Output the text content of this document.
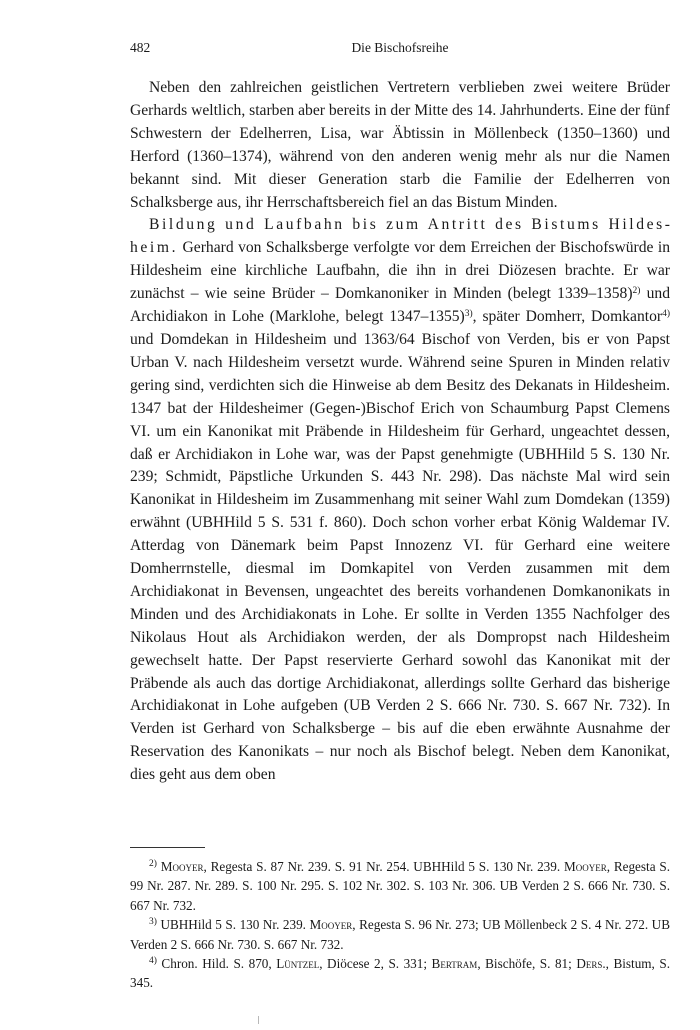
482	Die Bischofsreihe

Neben den zahlreichen geistlichen Vertretern verblieben zwei weitere Brüder Gerhards weltlich, starben aber bereits in der Mitte des 14. Jahrhunderts. Eine der fünf Schwestern der Edelherren, Lisa, war Äbtissin in Möllenbeck (1350–1360) und Herford (1360–1374), während von den anderen wenig mehr als nur die Namen bekannt sind. Mit dieser Generation starb die Familie der Edelherren von Schalksberge aus, ihr Herrschaftsbereich fiel an das Bistum Minden.

Bildung und Laufbahn bis zum Antritt des Bistums Hildesheim. Gerhard von Schalksberge verfolgte vor dem Erreichen der Bischofswürde in Hildesheim eine kirchliche Laufbahn, die ihn in drei Diözesen brachte. Er war zunächst – wie seine Brüder – Domkanoniker in Minden (belegt 1339–1358)$^{2)}$ und Archidiakon in Lohe (Marklohe, belegt 1347–1355)$^{3)}$, später Domherr, Domkantor$^{4)}$ und Domdekan in Hildesheim und 1363/64 Bischof von Verden, bis er von Papst Urban V. nach Hildesheim versetzt wurde. Während seine Spuren in Minden relativ gering sind, verdichten sich die Hinweise ab dem Besitz des Dekanats in Hildesheim. 1347 bat der Hildesheimer (Gegen-)Bischof Erich von Schaumburg Papst Clemens VI. um ein Kanonikat mit Präbende in Hildesheim für Gerhard, ungeachtet dessen, daß er Archidiakon in Lohe war, was der Papst genehmigte (UBHHild 5 S. 130 Nr. 239; Schmidt, Päpstliche Urkunden S. 443 Nr. 298). Das nächste Mal wird sein Kanonikat in Hildesheim im Zusammenhang mit seiner Wahl zum Domdekan (1359) erwähnt (UBHHild 5 S. 531 f. 860). Doch schon vorher erbat König Waldemar IV. Atterdag von Dänemark beim Papst Innozenz VI. für Gerhard eine weitere Domherrnstelle, diesmal im Domkapitel von Verden zusammen mit dem Archidiakonat in Bevensen, ungeachtet des bereits vorhandenen Domkanonikats in Minden und des Archidiakonats in Lohe. Er sollte in Verden 1355 Nachfolger des Nikolaus Hout als Archidiakon werden, der als Dompropst nach Hildesheim gewechselt hatte. Der Papst reservierte Gerhard sowohl das Kanonikat mit der Präbende als auch das dortige Archidiakonat, allerdings sollte Gerhard das bisherige Archidiakonat in Lohe aufgeben (UB Verden 2 S. 666 Nr. 730. S. 667 Nr. 732). In Verden ist Gerhard von Schalksberge – bis auf die eben erwähnte Ausnahme der Reservation des Kanonikats – nur noch als Bischof belegt. Neben dem Kanonikat, dies geht aus dem oben

$^{2)}$ Mooyer, Regesta S. 87 Nr. 239. S. 91 Nr. 254. UBHHild 5 S. 130 Nr. 239. Mooyer, Regesta S. 99 Nr. 287. Nr. 289. S. 100 Nr. 295. S. 102 Nr. 302. S. 103 Nr. 306. UB Verden 2 S. 666 Nr. 730. S. 667 Nr. 732.

$^{3)}$ UBHHild 5 S. 130 Nr. 239. Mooyer, Regesta S. 96 Nr. 273; UB Möllenbeck 2 S. 4 Nr. 272. UB Verden 2 S. 666 Nr. 730. S. 667 Nr. 732.

$^{4)}$ Chron. Hild. S. 870, Lüntzel, Diöcese 2, S. 331; Bertram, Bischöfe, S. 81; Ders., Bistum, S. 345.
